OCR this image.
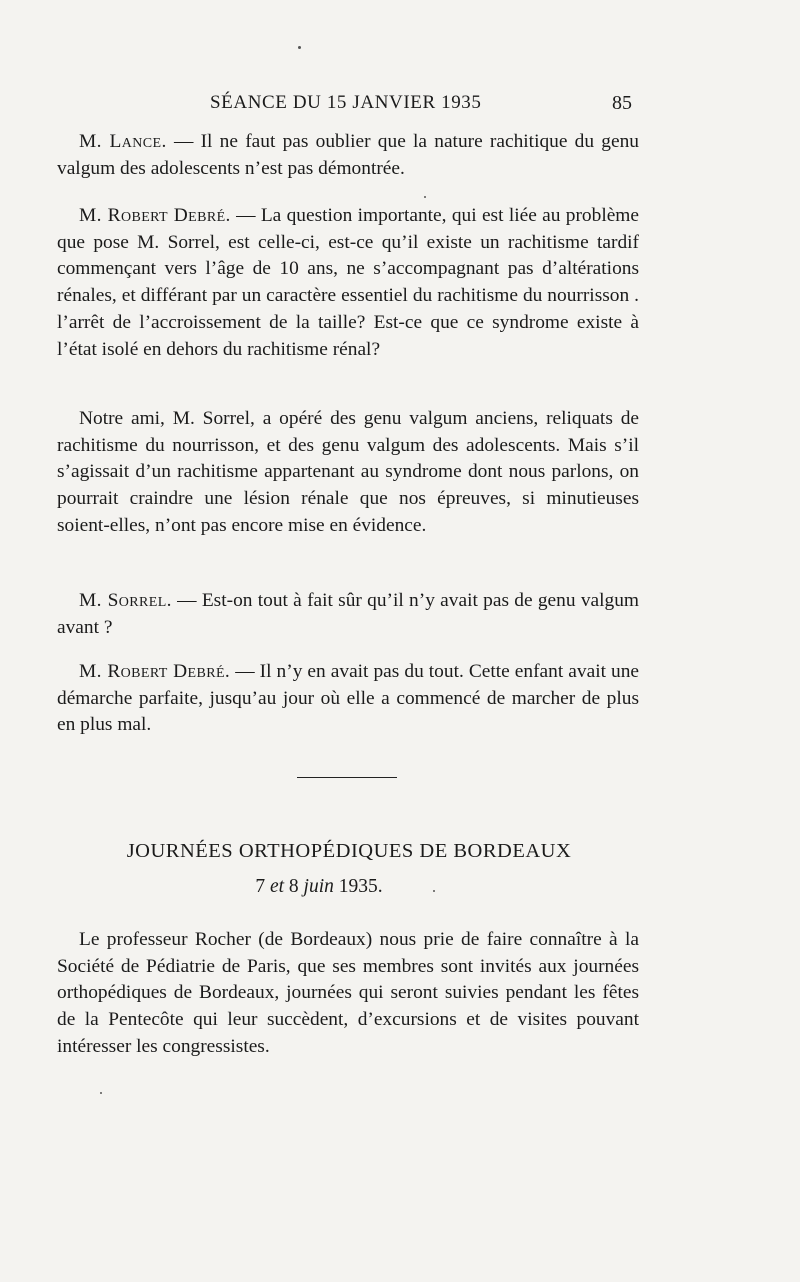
SÉANCE DU 15 JANVIER 1935	85

M. Lance. — Il ne faut pas oublier que la nature rachitique du genu valgum des adolescents n’est pas démontrée.

M. Robert Debré. — La question importante, qui est liée au problème que pose M. Sorrel, est celle-ci, est-ce qu’il existe un rachitisme tardif commençant vers l’âge de 10 ans, ne s’accompagnant pas d’altérations rénales, et différant par un caractère essentiel du rachitisme du nourrisson . l’arrêt de l’accroissement de la taille? Est-ce que ce syndrome existe à l’état isolé en dehors du rachitisme rénal?

Notre ami, M. Sorrel, a opéré des genu valgum anciens, reliquats de rachitisme du nourrisson, et des genu valgum des adolescents. Mais s’il s’agissait d’un rachitisme appartenant au syndrome dont nous parlons, on pourrait craindre une lésion rénale que nos épreuves, si minutieuses soient-elles, n’ont pas encore mise en évidence.

M. Sorrel. — Est-on tout à fait sûr qu’il n’y avait pas de genu valgum avant ?

M. Robert Debré. — Il n’y en avait pas du tout. Cette enfant avait une démarche parfaite, jusqu’au jour où elle a commencé de marcher de plus en plus mal.

JOURNÉES ORTHOPÉDIQUES DE BORDEAUX
7 et 8 juin 1935.

Le professeur Rocher (de Bordeaux) nous prie de faire connaître à la Société de Pédiatrie de Paris, que ses membres sont invités aux journées orthopédiques de Bordeaux, journées qui seront suivies pendant les fêtes de la Pentecôte qui leur succèdent, d’excursions et de visites pouvant intéresser les congressistes.
